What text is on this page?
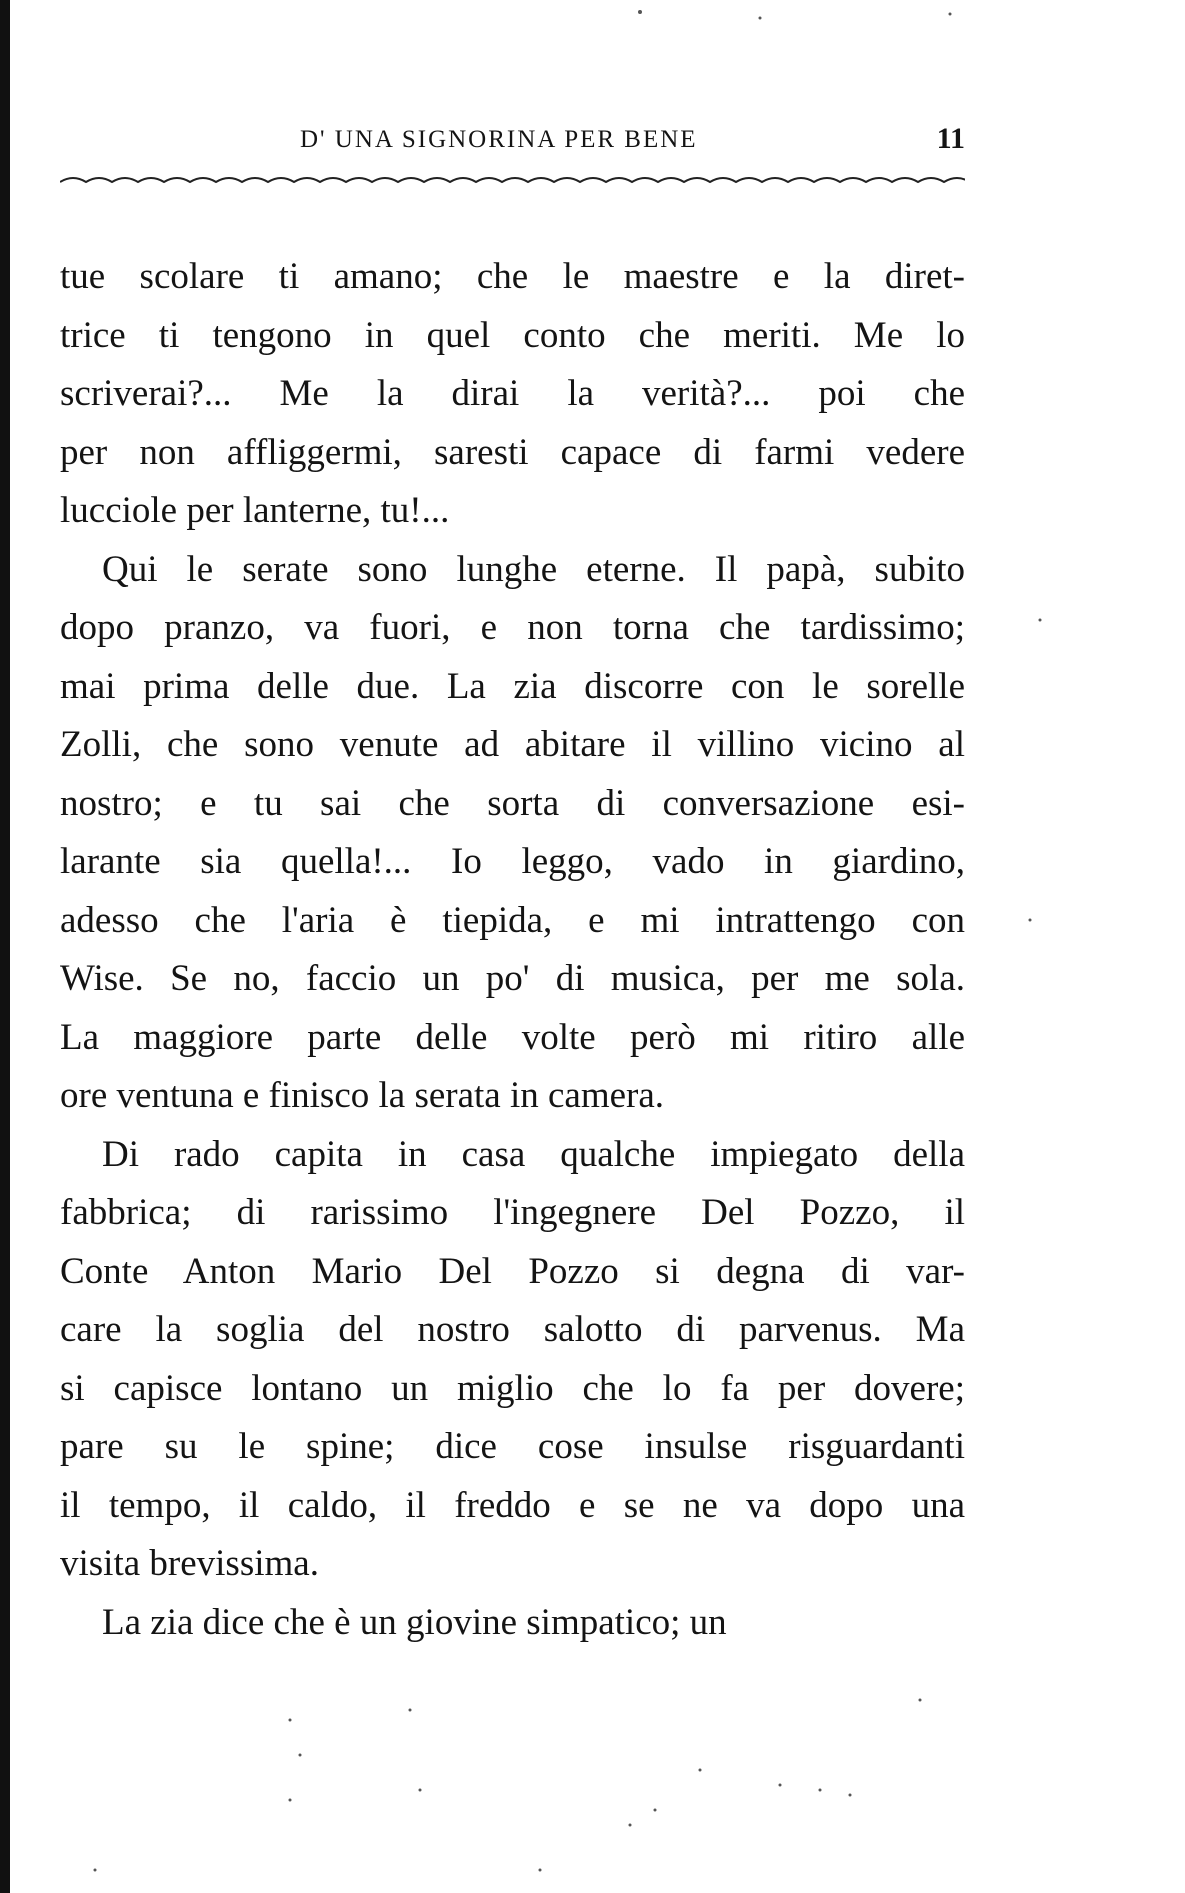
D' UNA SIGNORINA PER BENE	11
tue scolare ti amano; che le maestre e la diret-
trice ti tengono in quel conto che meriti. Me lo
scriverai?... Me la dirai la verità?... poi che
per non affliggermi, saresti capace di farmi vedere
lucciole per lanterne, tu!...
Qui le serate sono lunghe eterne. Il papà, subito
dopo pranzo, va fuori, e non torna che tardissimo;
mai prima delle due. La zia discorre con le sorelle
Zolli, che sono venute ad abitare il villino vicino al
nostro; e tu sai che sorta di conversazione esi-
larante sia quella!... Io leggo, vado in giardino,
adesso che l'aria è tiepida, e mi intrattengo con
Wise. Se no, faccio un po' di musica, per me sola.
La maggiore parte delle volte però mi ritiro alle
ore ventuna e finisco la serata in camera.
Di rado capita in casa qualche impiegato della
fabbrica; di rarissimo l'ingegnere Del Pozzo, il
Conte Anton Mario Del Pozzo si degna di var-
care la soglia del nostro salotto di parvenus. Ma
si capisce lontano un miglio che lo fa per dovere;
pare su le spine; dice cose insulse risguardanti
il tempo, il caldo, il freddo e se ne va dopo una
visita brevissima.
La zia dice che è un giovine simpatico; un
